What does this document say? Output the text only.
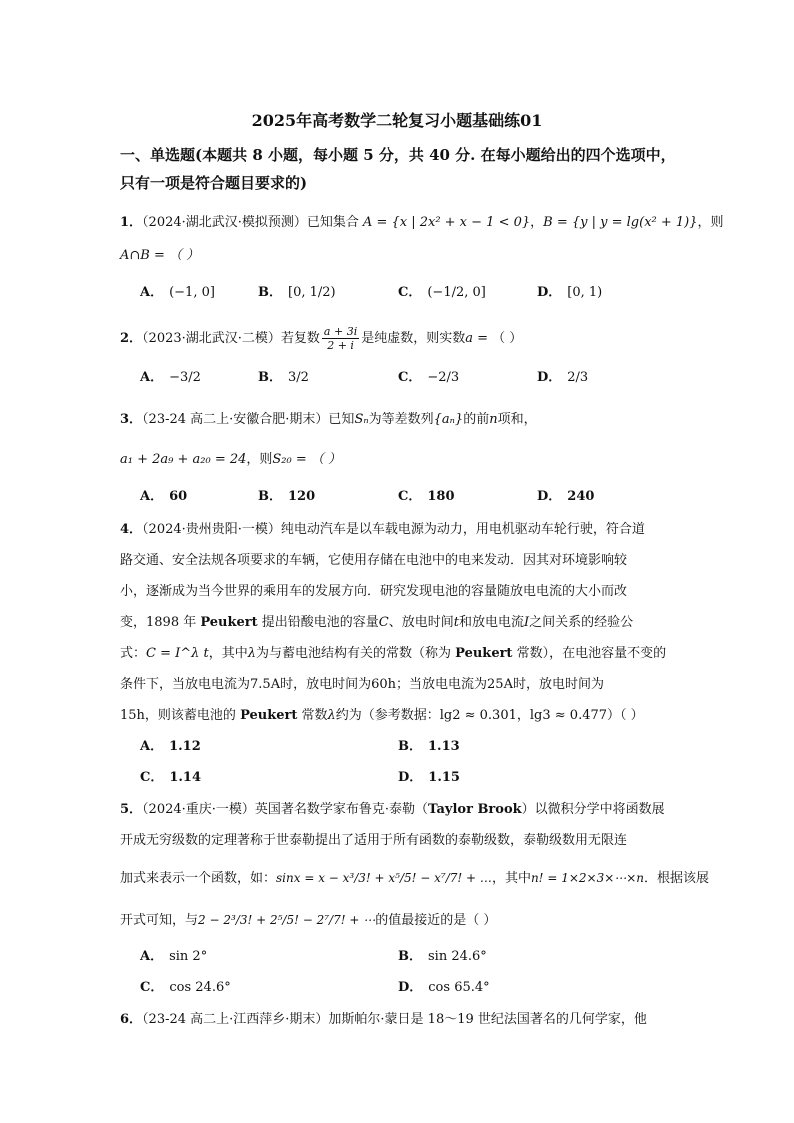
2025年高考数学二轮复习小题基础练01
一、单选题(本题共 8 小题，每小题 5 分，共 40 分. 在每小题给出的四个选项中，
只有一项是符合题目要求的)
1．（2024·湖北武汉·模拟预测）已知集合 A = {x | 2x² + x − 1 < 0}，B = {y | y = lg(x² + 1)}，则
A∩B = （ ）
A． (−1, 0]	B． [0, 1/2)	C． (−1/2, 0]	D． [0, 1)
2．（2023·湖北武汉·二模）若复数 $\frac{a + 3i}{2 + i}$ 是纯虚数，则实数a = （ ）
A． −3/2	B． 3/2	C． −2/3	D． 2/3
3．（23-24 高二上·安徽合肥·期末）已知Sₙ为等差数列{aₙ}的前n项和，
a₁ + 2a₉ + a₂₀ = 24，则S₂₀ = （ ）
A． 60	B． 120	C． 180	D． 240
4．（2024·贵州贵阳·一模）纯电动汽车是以车载电源为动力，用电机驱动车轮行驶，符合道
路交通、安全法规各项要求的车辆，它使用存储在电池中的电来发动．因其对环境影响较
小，逐渐成为当今世界的乘用车的发展方向．研究发现电池的容量随放电电流的大小而改
变，1898 年 Peukert 提出铅酸电池的容量C、放电时间t和放电电流I之间关系的经验公
式：C = I^λ t，其中λ为与蓄电池结构有关的常数（称为 Peukert 常数），在电池容量不变的
条件下，当放电电流为7.5A时，放电时间为60h；当放电电流为25A时，放电时间为
15h，则该蓄电池的 Peukert 常数λ约为（参考数据：lg2 ≈ 0.301，lg3 ≈ 0.477）（ ）
A． 1.12	B． 1.13
C． 1.14	D． 1.15
5．（2024·重庆·一模）英国著名数学家布鲁克·泰勒（Taylor Brook）以微积分学中将函数展
开成无穷级数的定理著称于世泰勒提出了适用于所有函数的泰勒级数，泰勒级数用无限连
加式来表示一个函数，如：sinx = x − x³/3! + x⁵/5! − x⁷/7! + …，其中n! = 1×2×3×⋯×n．根据该展
开式可知，与2 − 2³/3! + 2⁵/5! − 2⁷/7! + ⋯的值最接近的是（ ）
A． sin 2°	B． sin 24.6°
C． cos 24.6°	D． cos 65.4°
6．（23-24 高二上·江西萍乡·期末）加斯帕尔·蒙日是 18～19 世纪法国著名的几何学家，他
